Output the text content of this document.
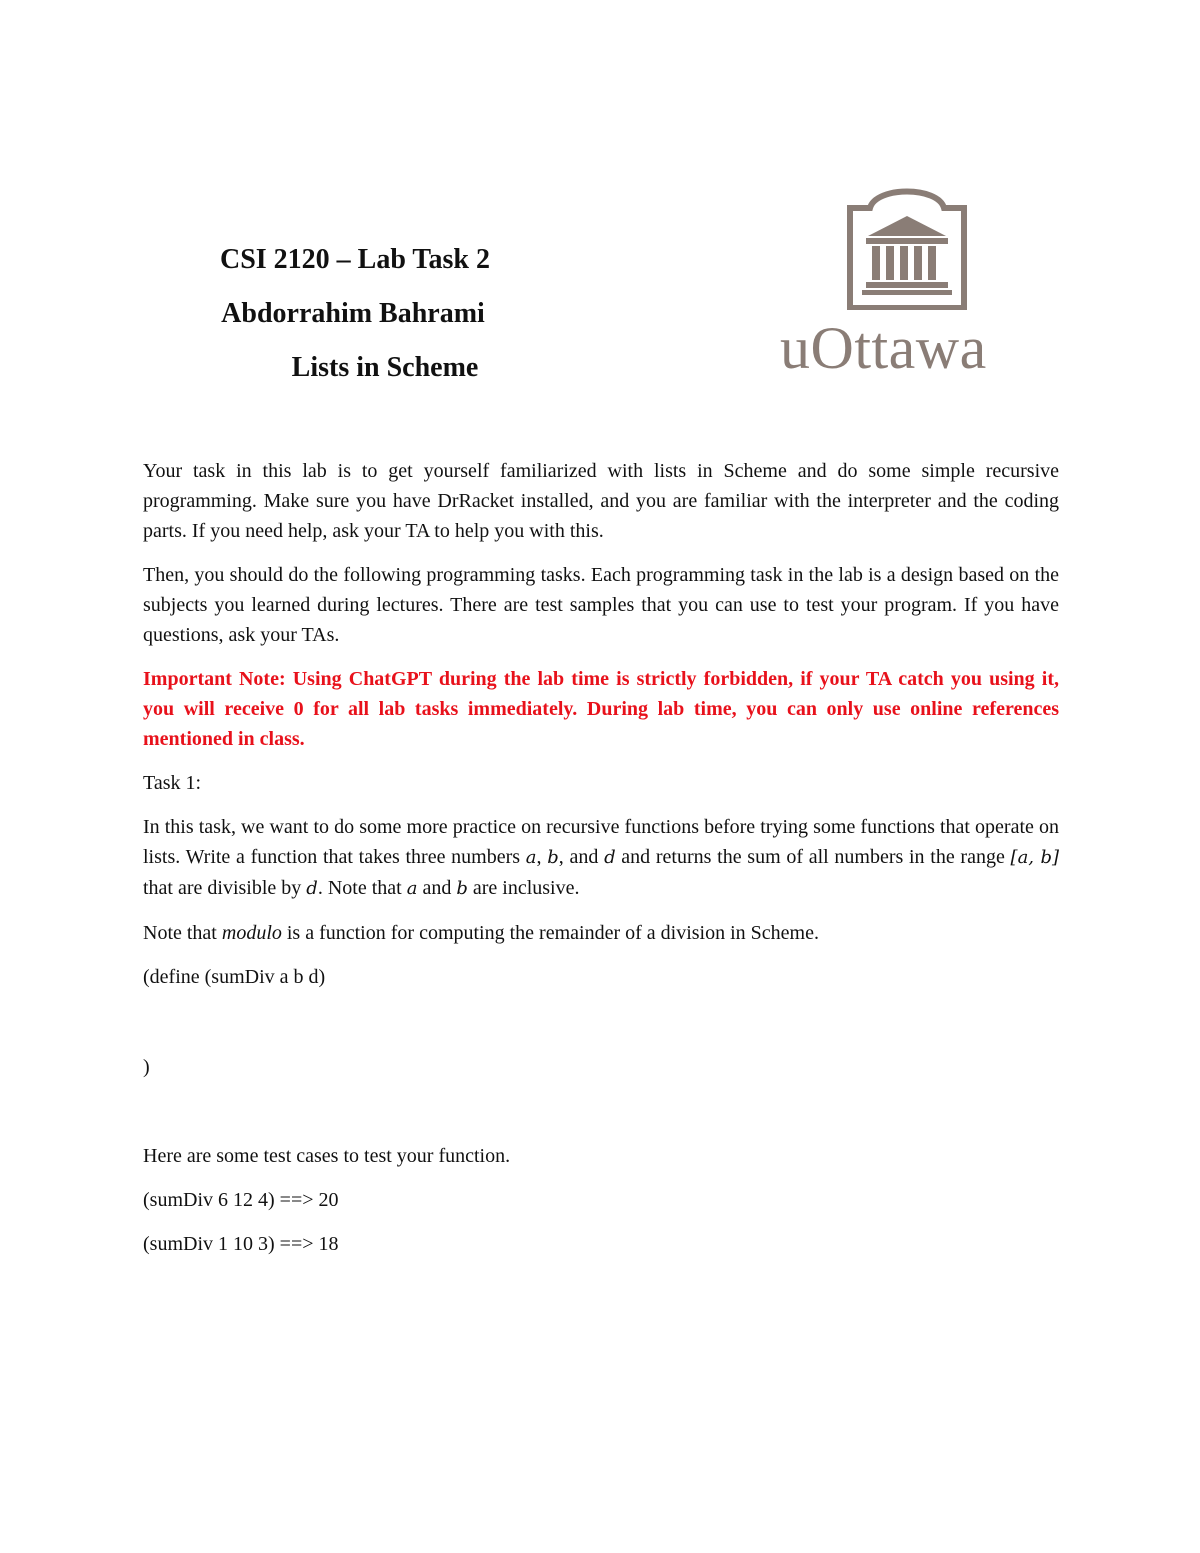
CSI 2120 – Lab Task 2
Abdorrahim Bahrami
Lists in Scheme	uOttawa

Your task in this lab is to get yourself familiarized with lists in Scheme and do some simple recursive programming. Make sure you have DrRacket installed, and you are familiar with the interpreter and the coding parts. If you need help, ask your TA to help you with this.

Then, you should do the following programming tasks. Each programming task in the lab is a design based on the subjects you learned during lectures. There are test samples that you can use to test your program. If you have questions, ask your TAs.

Important Note: Using ChatGPT during the lab time is strictly forbidden, if your TA catch you using it, you will receive 0 for all lab tasks immediately. During lab time, you can only use online references mentioned in class.

Task 1:

In this task, we want to do some more practice on recursive functions before trying some functions that operate on lists. Write a function that takes three numbers a, b, and d and returns the sum of all numbers in the range [a, b] that are divisible by d. Note that a and b are inclusive.

Note that modulo is a function for computing the remainder of a division in Scheme.

(define (sumDiv a b d)
)

Here are some test cases to test your function.

(sumDiv 6 12 4) ==> 20
(sumDiv 1 10 3) ==> 18
